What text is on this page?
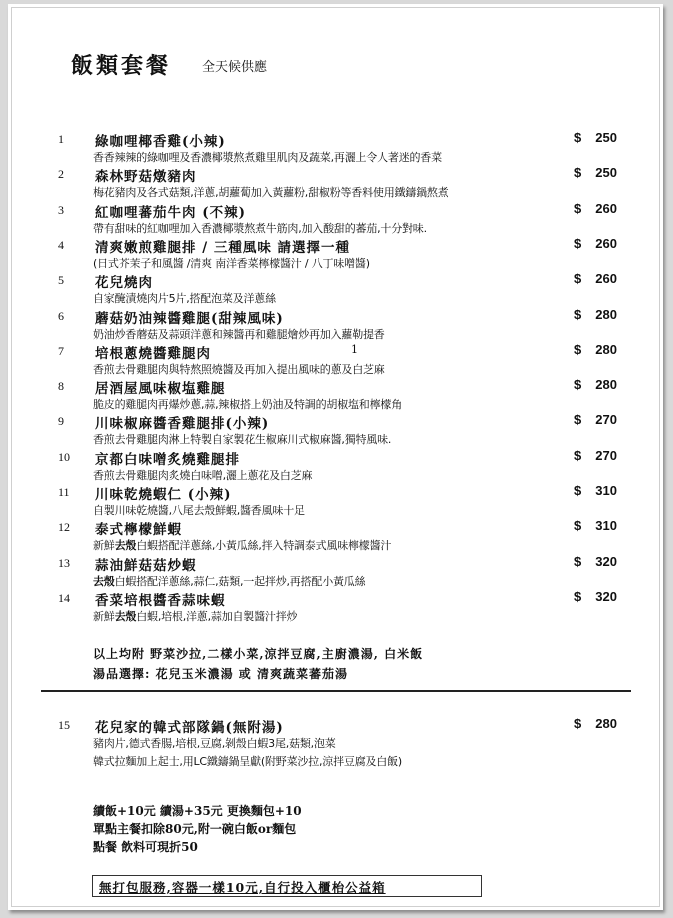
飯類套餐 全天候供應
1 綠咖哩椰香雞(小辣)
香香辣辣的綠咖哩及香濃椰漿熬煮雞里肌肉及蔬菜,再灑上令人著迷的香菜
$ 250
2 森林野菇燉豬肉
梅花豬肉及各式菇類,洋蔥,胡蘿蔔加入黃蘿粉,甜椒粉等香料使用鐵鑄鍋熬煮
$ 250
3 紅咖哩蕃茄牛肉 (不辣)
帶有甜味的紅咖哩加入香濃椰漿熬煮牛筋肉,加入酸甜的蕃茄,十分對味.
$ 260
4 清爽嫩煎雞腿排 / 三種風味 請選擇一種
(日式芥茉子和風醬 /清爽 南洋香菜檸檬醬汁 / 八丁味噌醬)
$ 260
5 花兒燒肉
自家醃漬燒肉片5片,搭配泡菜及洋蔥絲
$ 260
6 蘑菇奶油辣醬雞腿(甜辣風味)
奶油炒香蘑菇及蒜頭洋蔥和辣醬再和雞腿燴炒再加入蘿勒提香
$ 280
7 培根蔥燒醬雞腿肉
香煎去骨雞腿肉與特熬照燒醬及再加入提出風味的蔥及白芝麻
$ 280
8 居酒屋風味椒塩雞腿
脆皮的雞腿肉再爆炒蔥,蒜,辣椒搭上奶油及特調的胡椒塩和檸檬角
$ 280
9 川味椒麻醬香雞腿排(小辣)
香煎去骨雞腿肉淋上特製自家製花生椒麻川式椒麻醬,獨特風味.
$ 270
10 京都白味噌炙燒雞腿排
香煎去骨雞腿肉炙燒白味噌,灑上蔥花及白芝麻
$ 270
11 川味乾燒蝦仁 (小辣)
自製川味乾燒醬,八尾去殼鮮蝦,醬香風味十足
$ 310
12 泰式檸檬鮮蝦
新鮮去殼白蝦搭配洋蔥絲,小黃瓜絲,拌入特調泰式風味檸檬醬汁
$ 310
13 蒜油鮮菇菇炒蝦
去殼白蝦搭配洋蔥絲,蒜仁,菇類,一起拌炒,再搭配小黃瓜絲
$ 320
14 香菜培根醬香蒜味蝦
新鮮去殼白蝦,培根,洋蔥,蒜加自製醬汁拌炒
$ 320
1
以上均附 野菜沙拉,二樣小菜,涼拌豆腐,主廚濃湯, 白米飯
湯品選擇: 花兒玉米濃湯 或 清爽蔬菜蕃茄湯
15 花兒家的韓式部隊鍋(無附湯)
豬肉片,德式香腸,培根,豆腐,剝殼白蝦3尾,菇類,泡菜
韓式拉麵加上起士,用LC鐵鑄鍋呈獻(附野菜沙拉,涼拌豆腐及白飯)
$ 280
續飯+10元 續湯+35元 更換麵包+10
單點主餐扣除80元,附一碗白飯or麵包
點餐 飲料可現折50
無打包服務,容器一樣10元,自行投入櫃枱公益箱
